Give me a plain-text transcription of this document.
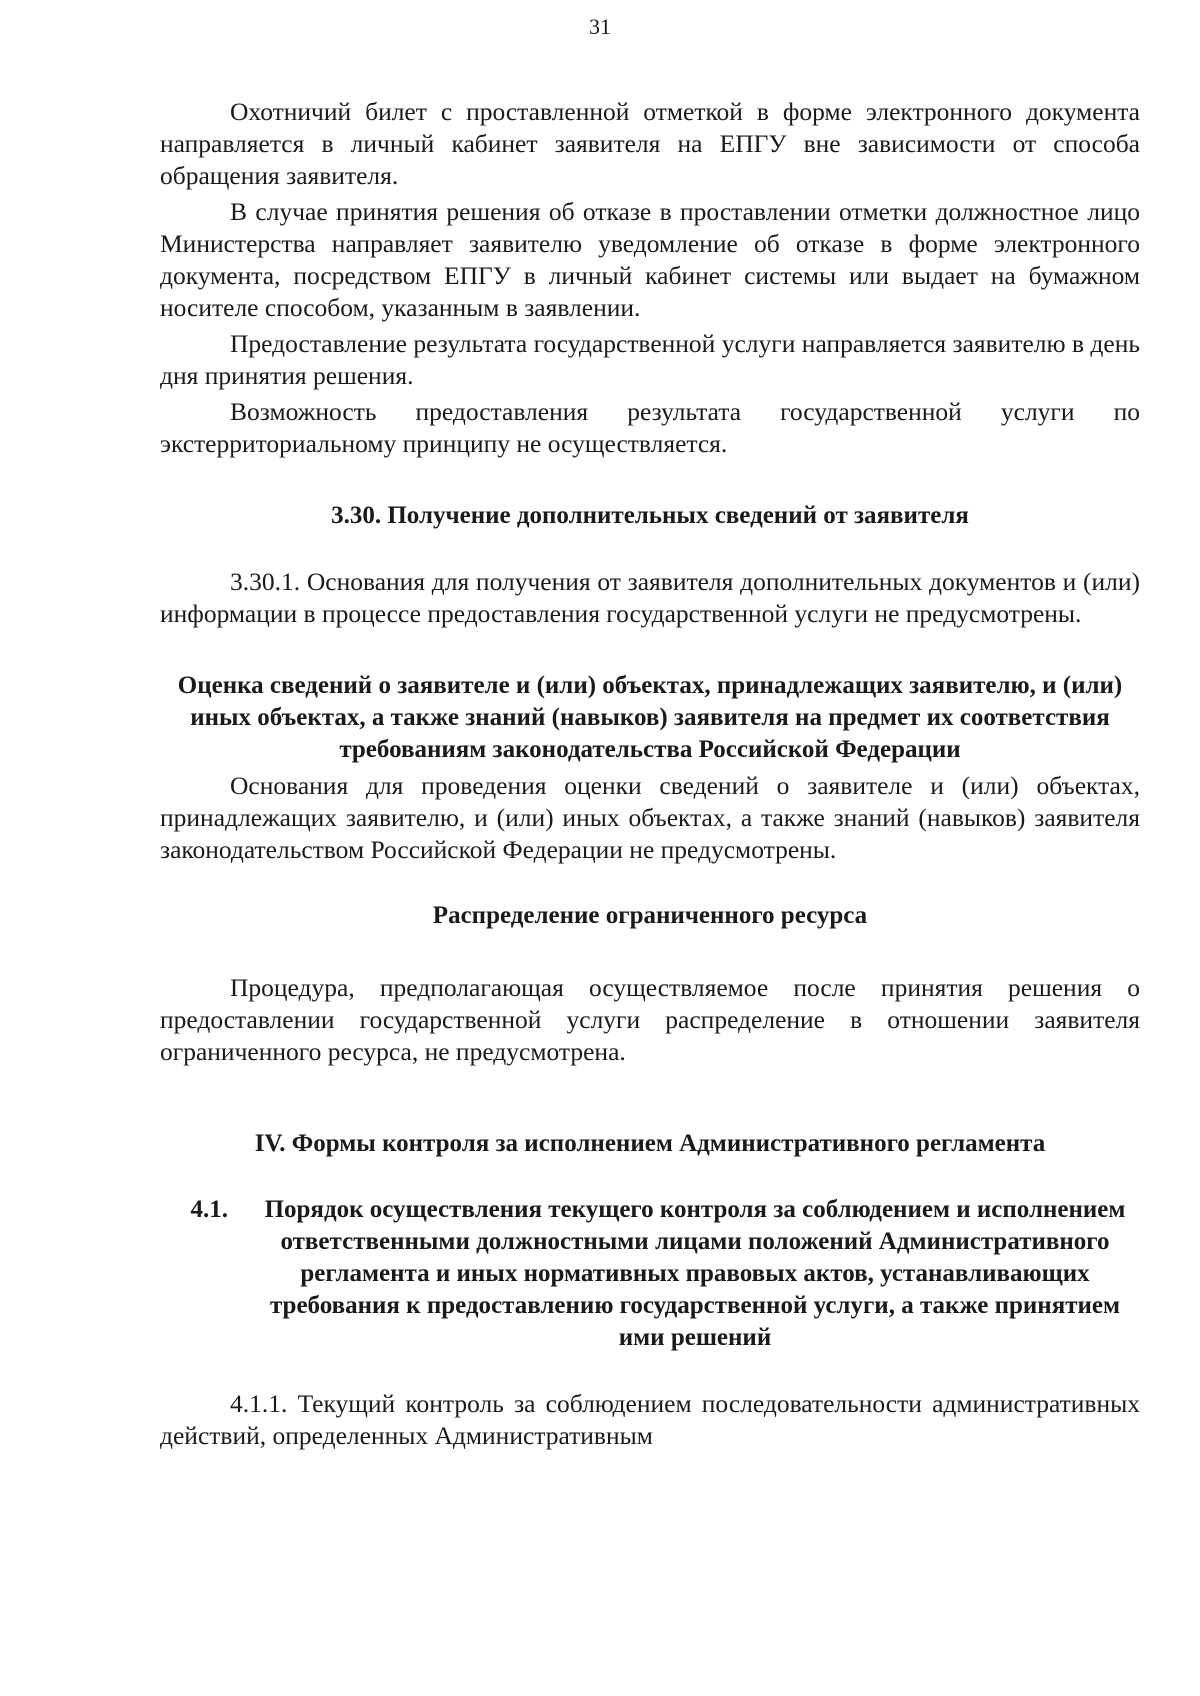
31

Охотничий билет с проставленной отметкой в форме электронного документа направляется в личный кабинет заявителя на ЕПГУ вне зависимости от способа обращения заявителя.

В случае принятия решения об отказе в проставлении отметки должностное лицо Министерства направляет заявителю уведомление об отказе в форме электронного документа, посредством ЕПГУ в личный кабинет системы или выдает на бумажном носителе способом, указанным в заявлении.

Предоставление результата государственной услуги направляется заявителю в день дня принятия решения.

Возможность предоставления результата государственной услуги по экстерриториальному принципу не осуществляется.

3.30. Получение дополнительных сведений от заявителя

3.30.1. Основания для получения от заявителя дополнительных документов и (или) информации в процессе предоставления государственной услуги не предусмотрены.

Оценка сведений о заявителе и (или) объектах, принадлежащих заявителю, и (или) иных объектах, а также знаний (навыков) заявителя на предмет их соответствия требованиям законодательства Российской Федерации

Основания для проведения оценки сведений о заявителе и (или) объектах, принадлежащих заявителю, и (или) иных объектах, а также знаний (навыков) заявителя законодательством Российской Федерации не предусмотрены.

Распределение ограниченного ресурса

Процедура, предполагающая осуществляемое после принятия решения о предоставлении государственной услуги распределение в отношении заявителя ограниченного ресурса, не предусмотрена.

IV. Формы контроля за исполнением Административного регламента
4.1.	Порядок осуществления текущего контроля за соблюдением и исполнением ответственными должностными лицами положений Административного регламента и иных нормативных правовых актов, устанавливающих требования к предоставлению государственной услуги, а также принятием ими решений

4.1.1. Текущий контроль за соблюдением последовательности административных действий, определенных Административным
